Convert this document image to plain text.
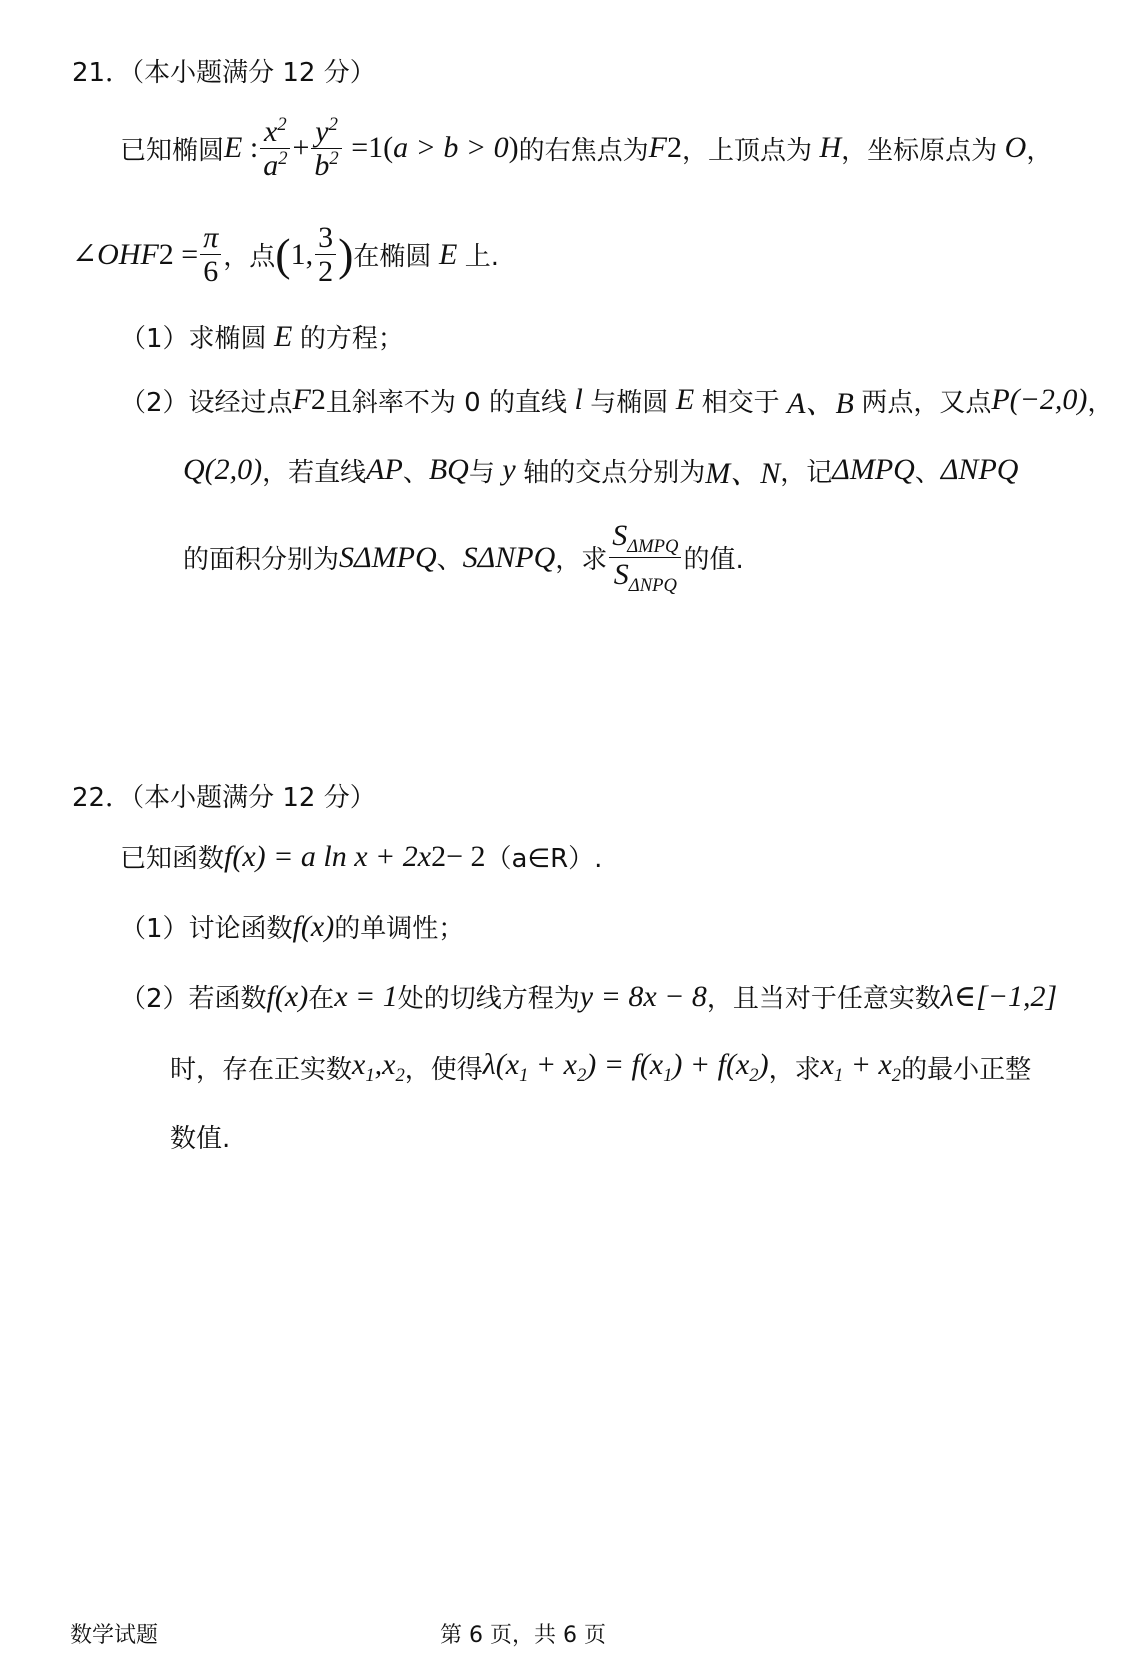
21．（本小题满分 12 分）
已知椭圆 E : $\frac{x^2}{a^2} + \frac{y^2}{b^2} =1$( a > b > 0 ) 的右焦点为 F 2 ，上顶点为
H ，坐标原点为
O ，
∠OHF $2 = \frac{\pi}{6}$ ，点 ( 1, $\frac{3}{2}$ ) 在椭圆
E
上.
（1）求椭圆
E
的方程；
（2）设经过点 F 2 且斜率不为 0 的直线
l
与椭圆
E
相交于
A、B
两点，又点 P(−2,0) ，
Q(2,0) ，若直线 AP 、 BQ 与
y
轴的交点分别为 M、N ，记 ΔMPQ 、 ΔNPQ
的面积分别为 S ΔMPQ 、 S ΔNPQ ，求 $\frac{S_{\Delta MPQ}}{S_{\Delta NPQ}}$ 的值.
22．（本小题满分 12 分）
已知函数 f(x) = a ln x + 2x 2 − 2 （a∈R）.
（1）讨论函数 f(x) 的单调性；
（2）若函数 f(x) 在 x = 1 处的切线方程为 y = 8x − 8 ，且当对于任意实数 λ∈[−1,2]
时，存在正实数 $x_1,x_2$ ，使得 $\lambda(x_1 + x_2) = f(x_1) + f(x_2)$ ，求 $x_1 + x_2$ 的最小正整
数值.
数学试题	第 6 页，共 6 页
